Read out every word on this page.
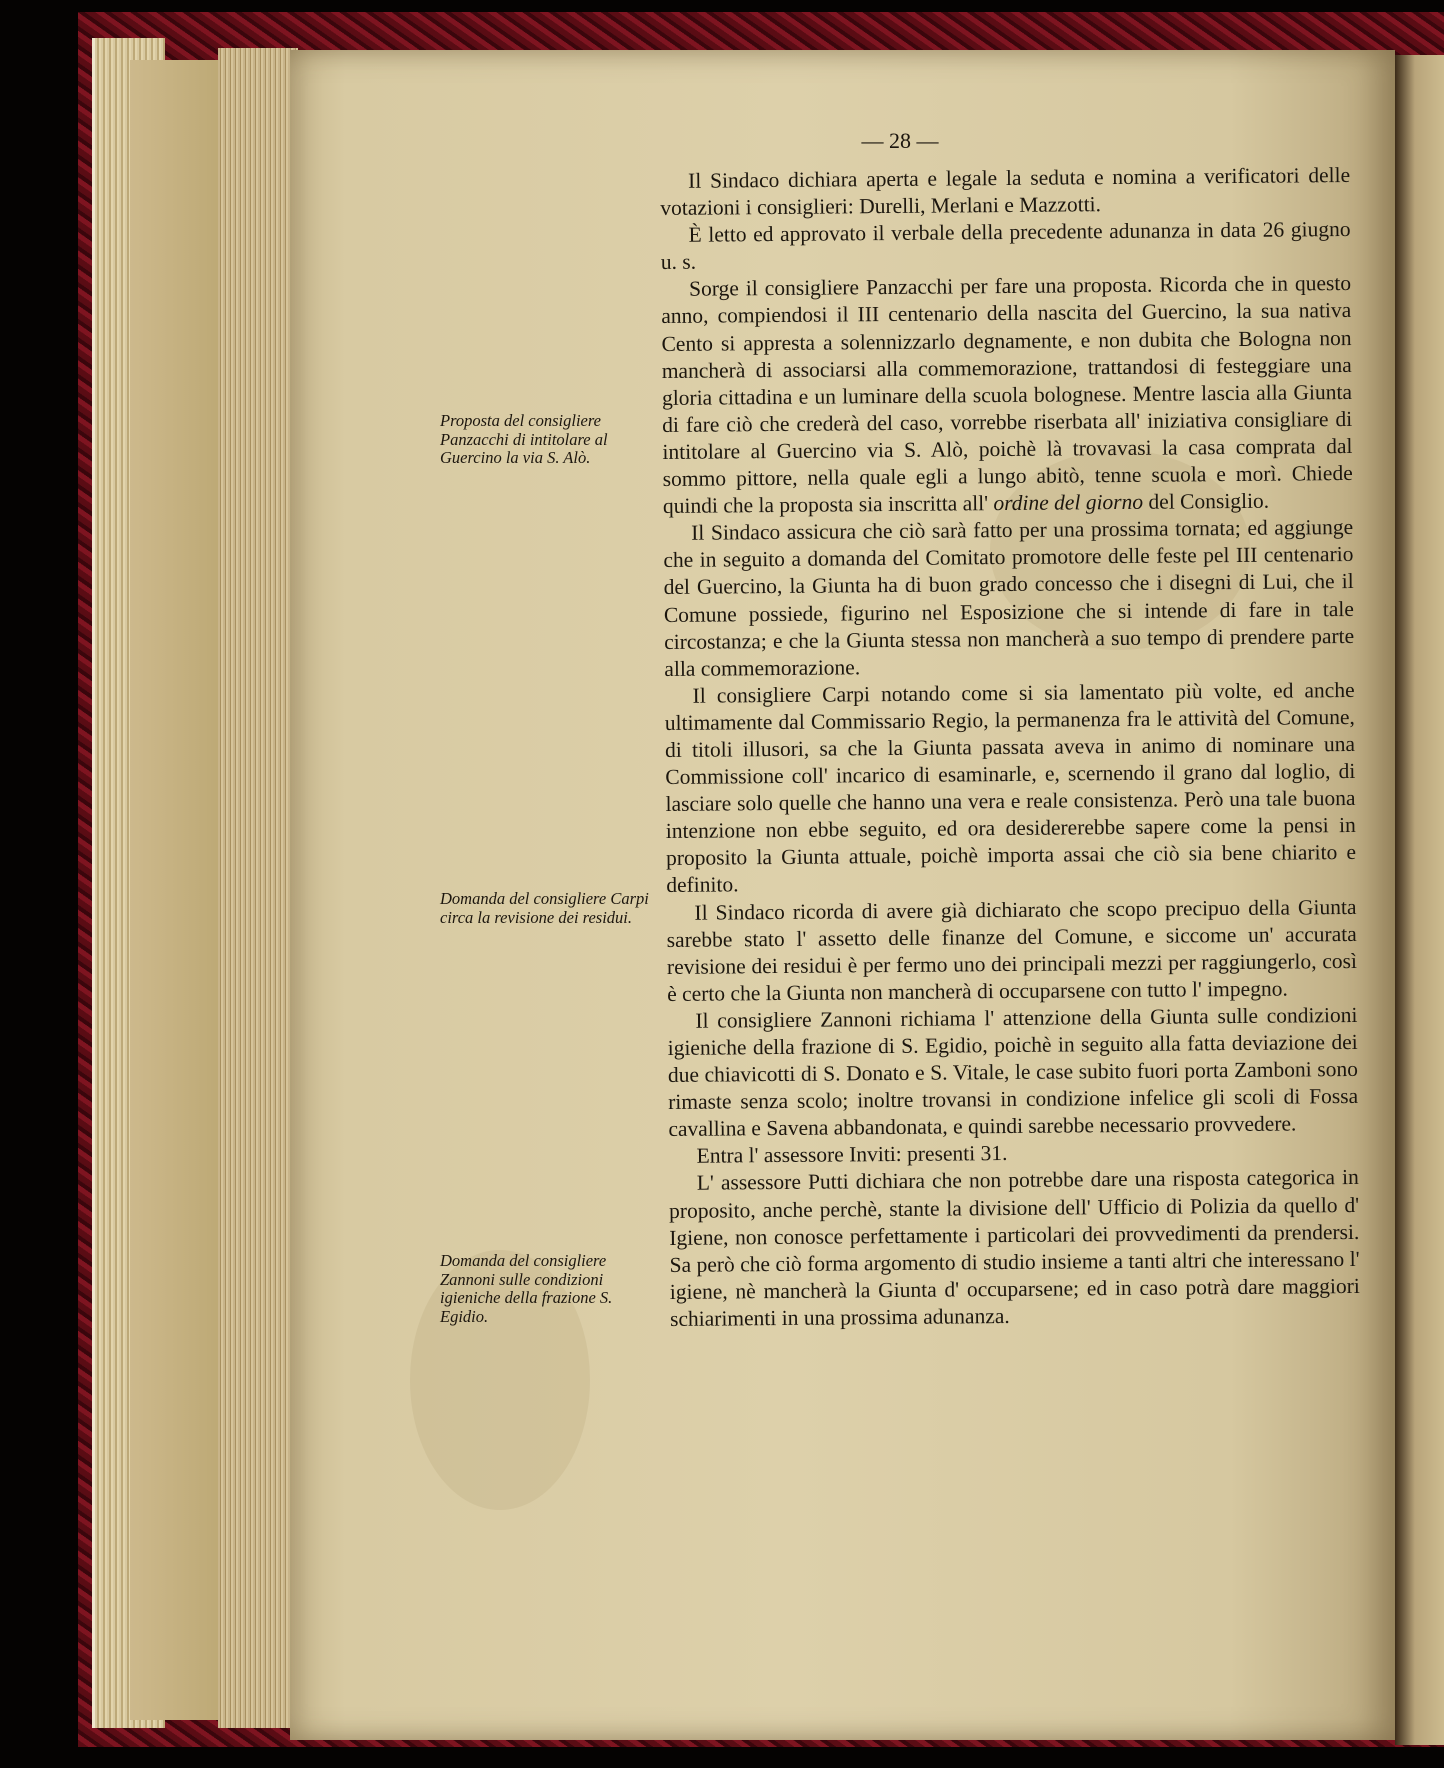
— 28 —
Proposta del consigliere Panzacchi di intitolare al Guercino la via S. Alò.
Domanda del consigliere Carpi circa la revisione dei residui.
Domanda del consigliere Zannoni sulle condizioni igieniche della frazione S. Egidio.

Il Sindaco dichiara aperta e legale la seduta e nomina a verificatori delle votazioni i consiglieri: Durelli, Merlani e Mazzotti.

È letto ed approvato il verbale della precedente adunanza in data 26 giugno u. s.

Sorge il consigliere Panzacchi per fare una proposta. Ricorda che in questo anno, compiendosi il III centenario della nascita del Guercino, la sua nativa Cento si appresta a solennizzarlo degnamente, e non dubita che Bologna non mancherà di associarsi alla commemorazione, trattandosi di festeggiare una gloria cittadina e un luminare della scuola bolognese. Mentre lascia alla Giunta di fare ciò che crederà del caso, vorrebbe riserbata all' iniziativa consigliare di intitolare al Guercino via S. Alò, poichè là trovavasi la casa comprata dal sommo pittore, nella quale egli a lungo abitò, tenne scuola e morì. Chiede quindi che la proposta sia inscritta all' ordine del giorno del Consiglio.

Il Sindaco assicura che ciò sarà fatto per una prossima tornata; ed aggiunge che in seguito a domanda del Comitato promotore delle feste pel III centenario del Guercino, la Giunta ha di buon grado concesso che i disegni di Lui, che il Comune possiede, figurino nel Esposizione che si intende di fare in tale circostanza; e che la Giunta stessa non mancherà a suo tempo di prendere parte alla commemorazione.

Il consigliere Carpi notando come si sia lamentato più volte, ed anche ultimamente dal Commissario Regio, la permanenza fra le attività del Comune, di titoli illusori, sa che la Giunta passata aveva in animo di nominare una Commissione coll' incarico di esaminarle, e, scernendo il grano dal loglio, di lasciare solo quelle che hanno una vera e reale consistenza. Però una tale buona intenzione non ebbe seguito, ed ora desidererebbe sapere come la pensi in proposito la Giunta attuale, poichè importa assai che ciò sia bene chiarito e definito.

Il Sindaco ricorda di avere già dichiarato che scopo precipuo della Giunta sarebbe stato l' assetto delle finanze del Comune, e siccome un' accurata revisione dei residui è per fermo uno dei principali mezzi per raggiungerlo, così è certo che la Giunta non mancherà di occuparsene con tutto l' impegno.

Il consigliere Zannoni richiama l' attenzione della Giunta sulle condizioni igieniche della frazione di S. Egidio, poichè in seguito alla fatta deviazione dei due chiavicotti di S. Donato e S. Vitale, le case subito fuori porta Zamboni sono rimaste senza scolo; inoltre trovansi in condizione infelice gli scoli di Fossa cavallina e Savena abbandonata, e quindi sarebbe necessario provvedere.

Entra l' assessore Inviti: presenti 31.

L' assessore Putti dichiara che non potrebbe dare una risposta categorica in proposito, anche perchè, stante la divisione dell' Ufficio di Polizia da quello d' Igiene, non conosce perfettamente i particolari dei provvedimenti da prendersi. Sa però che ciò forma argomento di studio insieme a tanti altri che interessano l' igiene, nè mancherà la Giunta d' occuparsene; ed in caso potrà dare maggiori schiarimenti in una prossima adunanza.
